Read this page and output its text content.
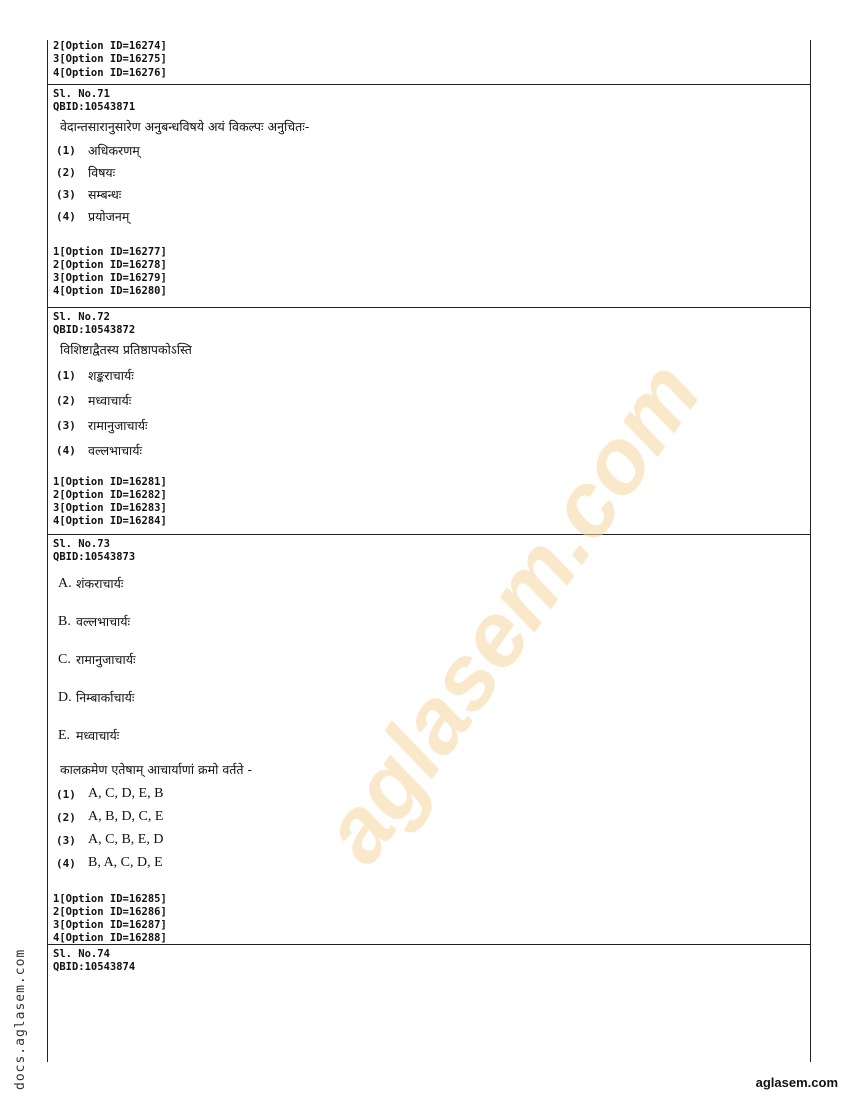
2[Option ID=16274]
3[Option ID=16275]
4[Option ID=16276]
Sl. No.71
QBID:10543871
वेदान्तसारानुसारेण अनुबन्धविषये अयं विकल्पः अनुचितः-
(1) अधिकरणम्
(2) विषयः
(3) सम्बन्धः
(4) प्रयोजनम्
1[Option ID=16277]
2[Option ID=16278]
3[Option ID=16279]
4[Option ID=16280]
Sl. No.72
QBID:10543872
विशिष्टाद्वैतस्य प्रतिष्ठापकोऽस्ति
(1) शङ्कराचार्यः
(2) मध्वाचार्यः
(3) रामानुजाचार्यः
(4) वल्लभाचार्यः
1[Option ID=16281]
2[Option ID=16282]
3[Option ID=16283]
4[Option ID=16284]
Sl. No.73
QBID:10543873
A. शंकराचार्यः
B. वल्लभाचार्यः
C. रामानुजाचार्यः
D. निम्बार्काचार्यः
E. मध्वाचार्यः
कालक्रमेण एतेषाम् आचार्याणां क्रमो वर्तते -
(1) A, C, D, E, B
(2) A, B, D, C, E
(3) A, C, B, E, D
(4) B, A, C, D, E
1[Option ID=16285]
2[Option ID=16286]
3[Option ID=16287]
4[Option ID=16288]
Sl. No.74
QBID:10543874
aglasem.com
docs.aglasem.com	aglasem.com
